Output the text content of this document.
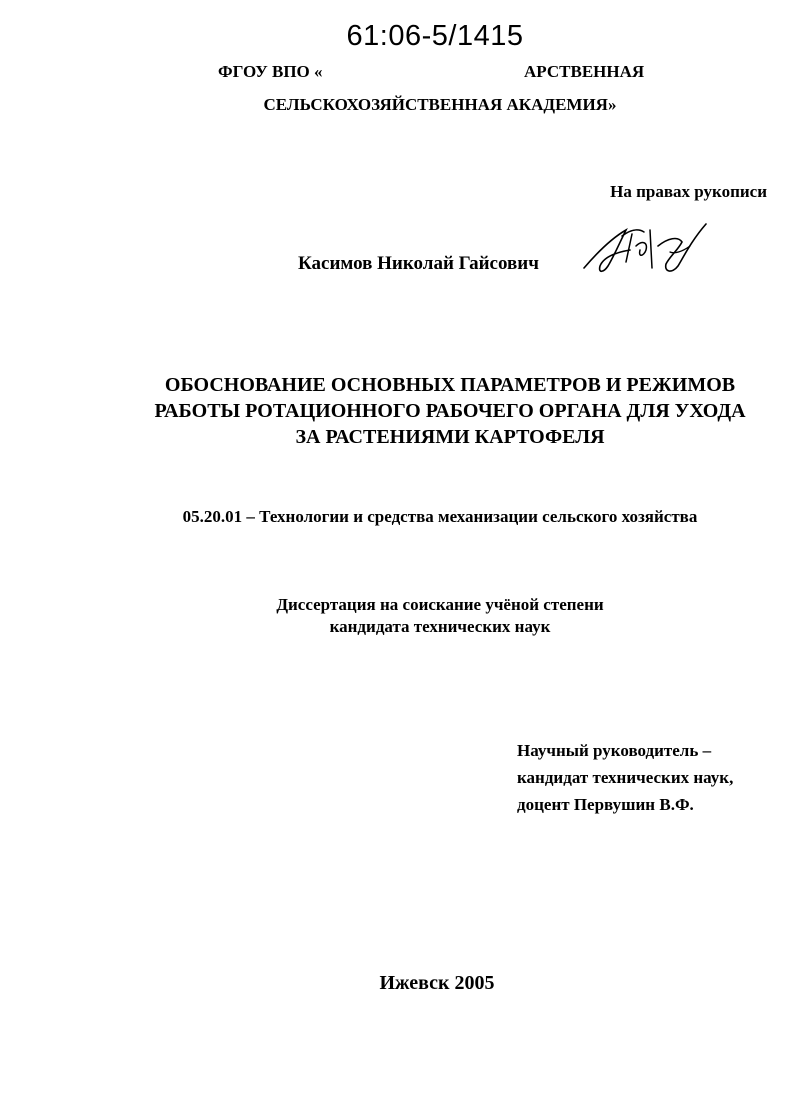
61:06-5/1415
ФГОУ ВПО «	АРСТВЕННАЯ
СЕЛЬСКОХОЗЯЙСТВЕННАЯ АКАДЕМИЯ»
На правах рукописи
Касимов Николай Гайсович
ОБОСНОВАНИЕ ОСНОВНЫХ ПАРАМЕТРОВ И РЕЖИМОВ
РАБОТЫ РОТАЦИОННОГО РАБОЧЕГО ОРГАНА ДЛЯ УХОДА
ЗА РАСТЕНИЯМИ КАРТОФЕЛЯ
05.20.01 – Технологии и средства механизации сельского хозяйства
Диссертация на соискание учёной степени
кандидата технических наук
Научный руководитель –
кандидат технических наук,
доцент Первушин В.Ф.
Ижевск 2005
